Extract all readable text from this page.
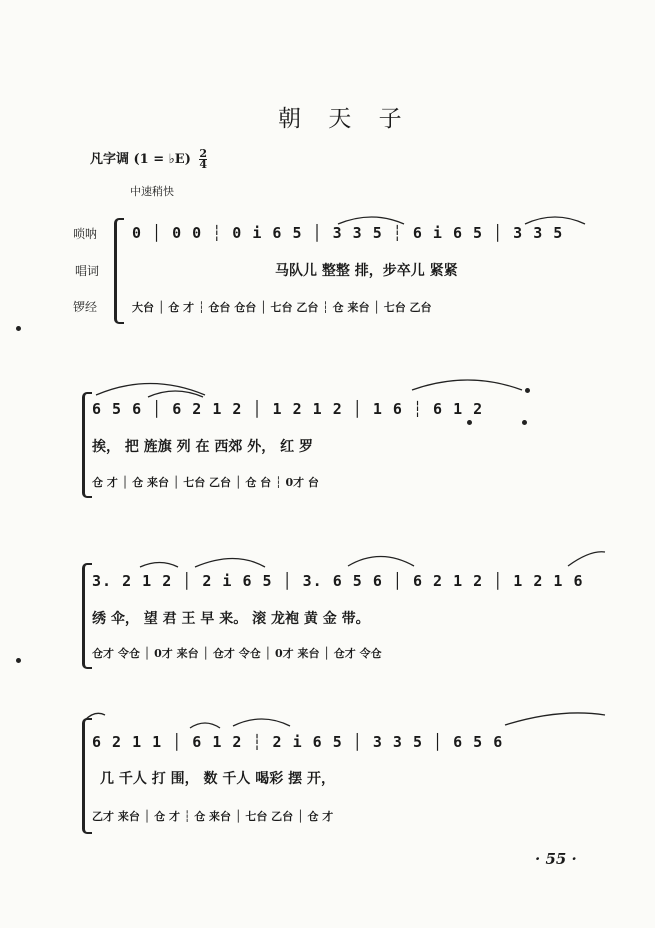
朝 天 子
凡字调 (1 = ♭E) $\frac{2}{4}$
中速稍快
唢呐
唱词
锣经
0 │ 0 0 ┆ 0 i 6 5 │ 3 3 5 ┆ 6 i 6 5 │ 3 3 5
马队儿 整整 排，步卒儿 紧紧
大台 │ 仓 才 ┆ 仓台 仓台 │ 七台 乙台 ┆ 仓 来台 │ 七台 乙台
6 5 6 │ 6 2 1 2 │ 1 2 1 2 │ 1 6 ┆ 6 1 2
挨， 把 旌旗 列 在 西郊 外， 红 罗
仓 才 │ 仓 来台 │ 七台 乙台 │ 仓 台 ┆ 0才 台
3. 2 1 2 │ 2 i 6 5 │ 3. 6 5 6 │ 6 2 1 2 │ 1 2 1 6
绣 伞， 望 君 王 早 来。 滚 龙袍 黄 金 带。
仓才 令仓 │ 0才 来台 │ 仓才 令仓 │ 0才 来台 │ 仓才 令仓
6 2 1 1 │ 6 1 2 ┆ 2 i 6 5 │ 3 3 5 │ 6 5 6
几 千人 打 围， 数 千人 喝彩 摆 开，
乙才 来台 │ 仓 才 ┆ 仓 来台 │ 七台 乙台 │ 仓 才
· 55 ·
